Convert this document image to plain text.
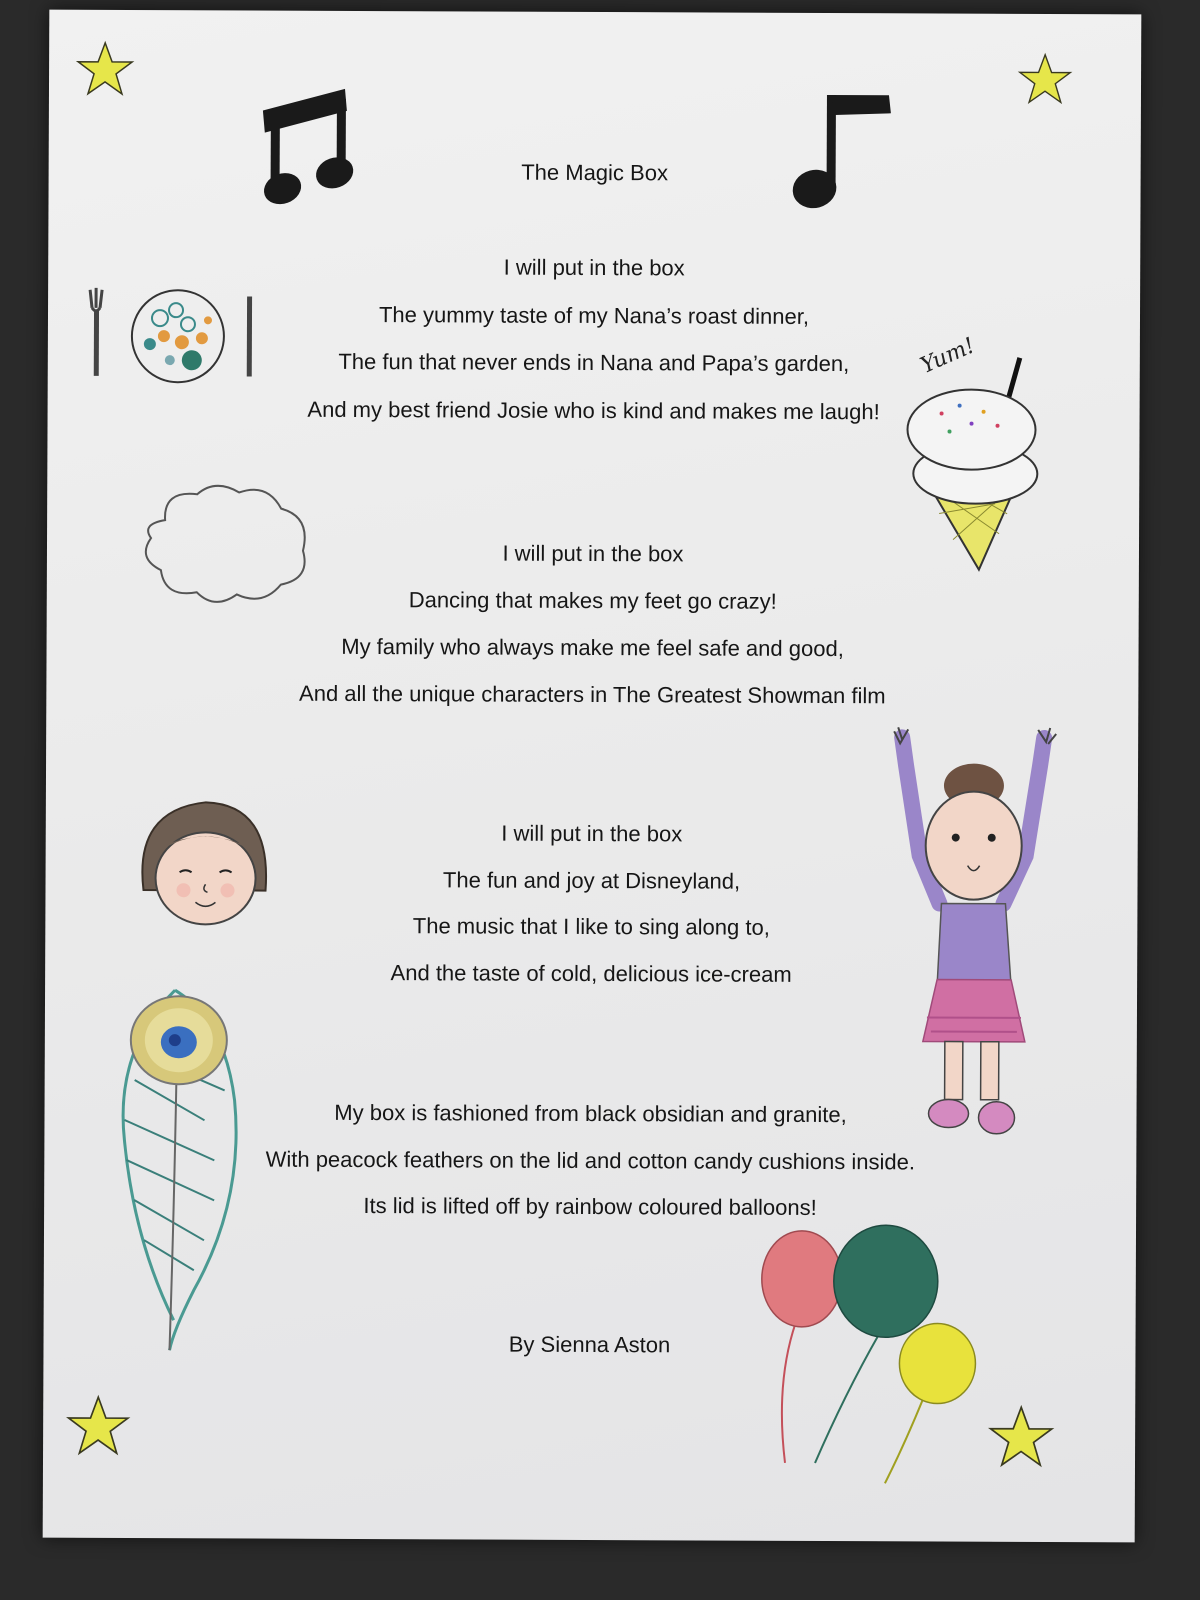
The Magic Box
I will put in the box
The yummy taste of my Nana’s roast dinner,
The fun that never ends in Nana and Papa’s garden,
And my best friend Josie who is kind and makes me laugh!
I will put in the box
Dancing that makes my feet go crazy!
My family who always make me feel safe and good,
And all the unique characters in The Greatest Showman film
I will put in the box
The fun and joy at Disneyland,
The music that I like to sing along to,
And the taste of cold, delicious ice-cream
My box is fashioned from black obsidian and granite,
With peacock feathers on the lid and cotton candy cushions inside.
Its lid is lifted off by rainbow coloured balloons!
By Sienna Aston
Yum!
